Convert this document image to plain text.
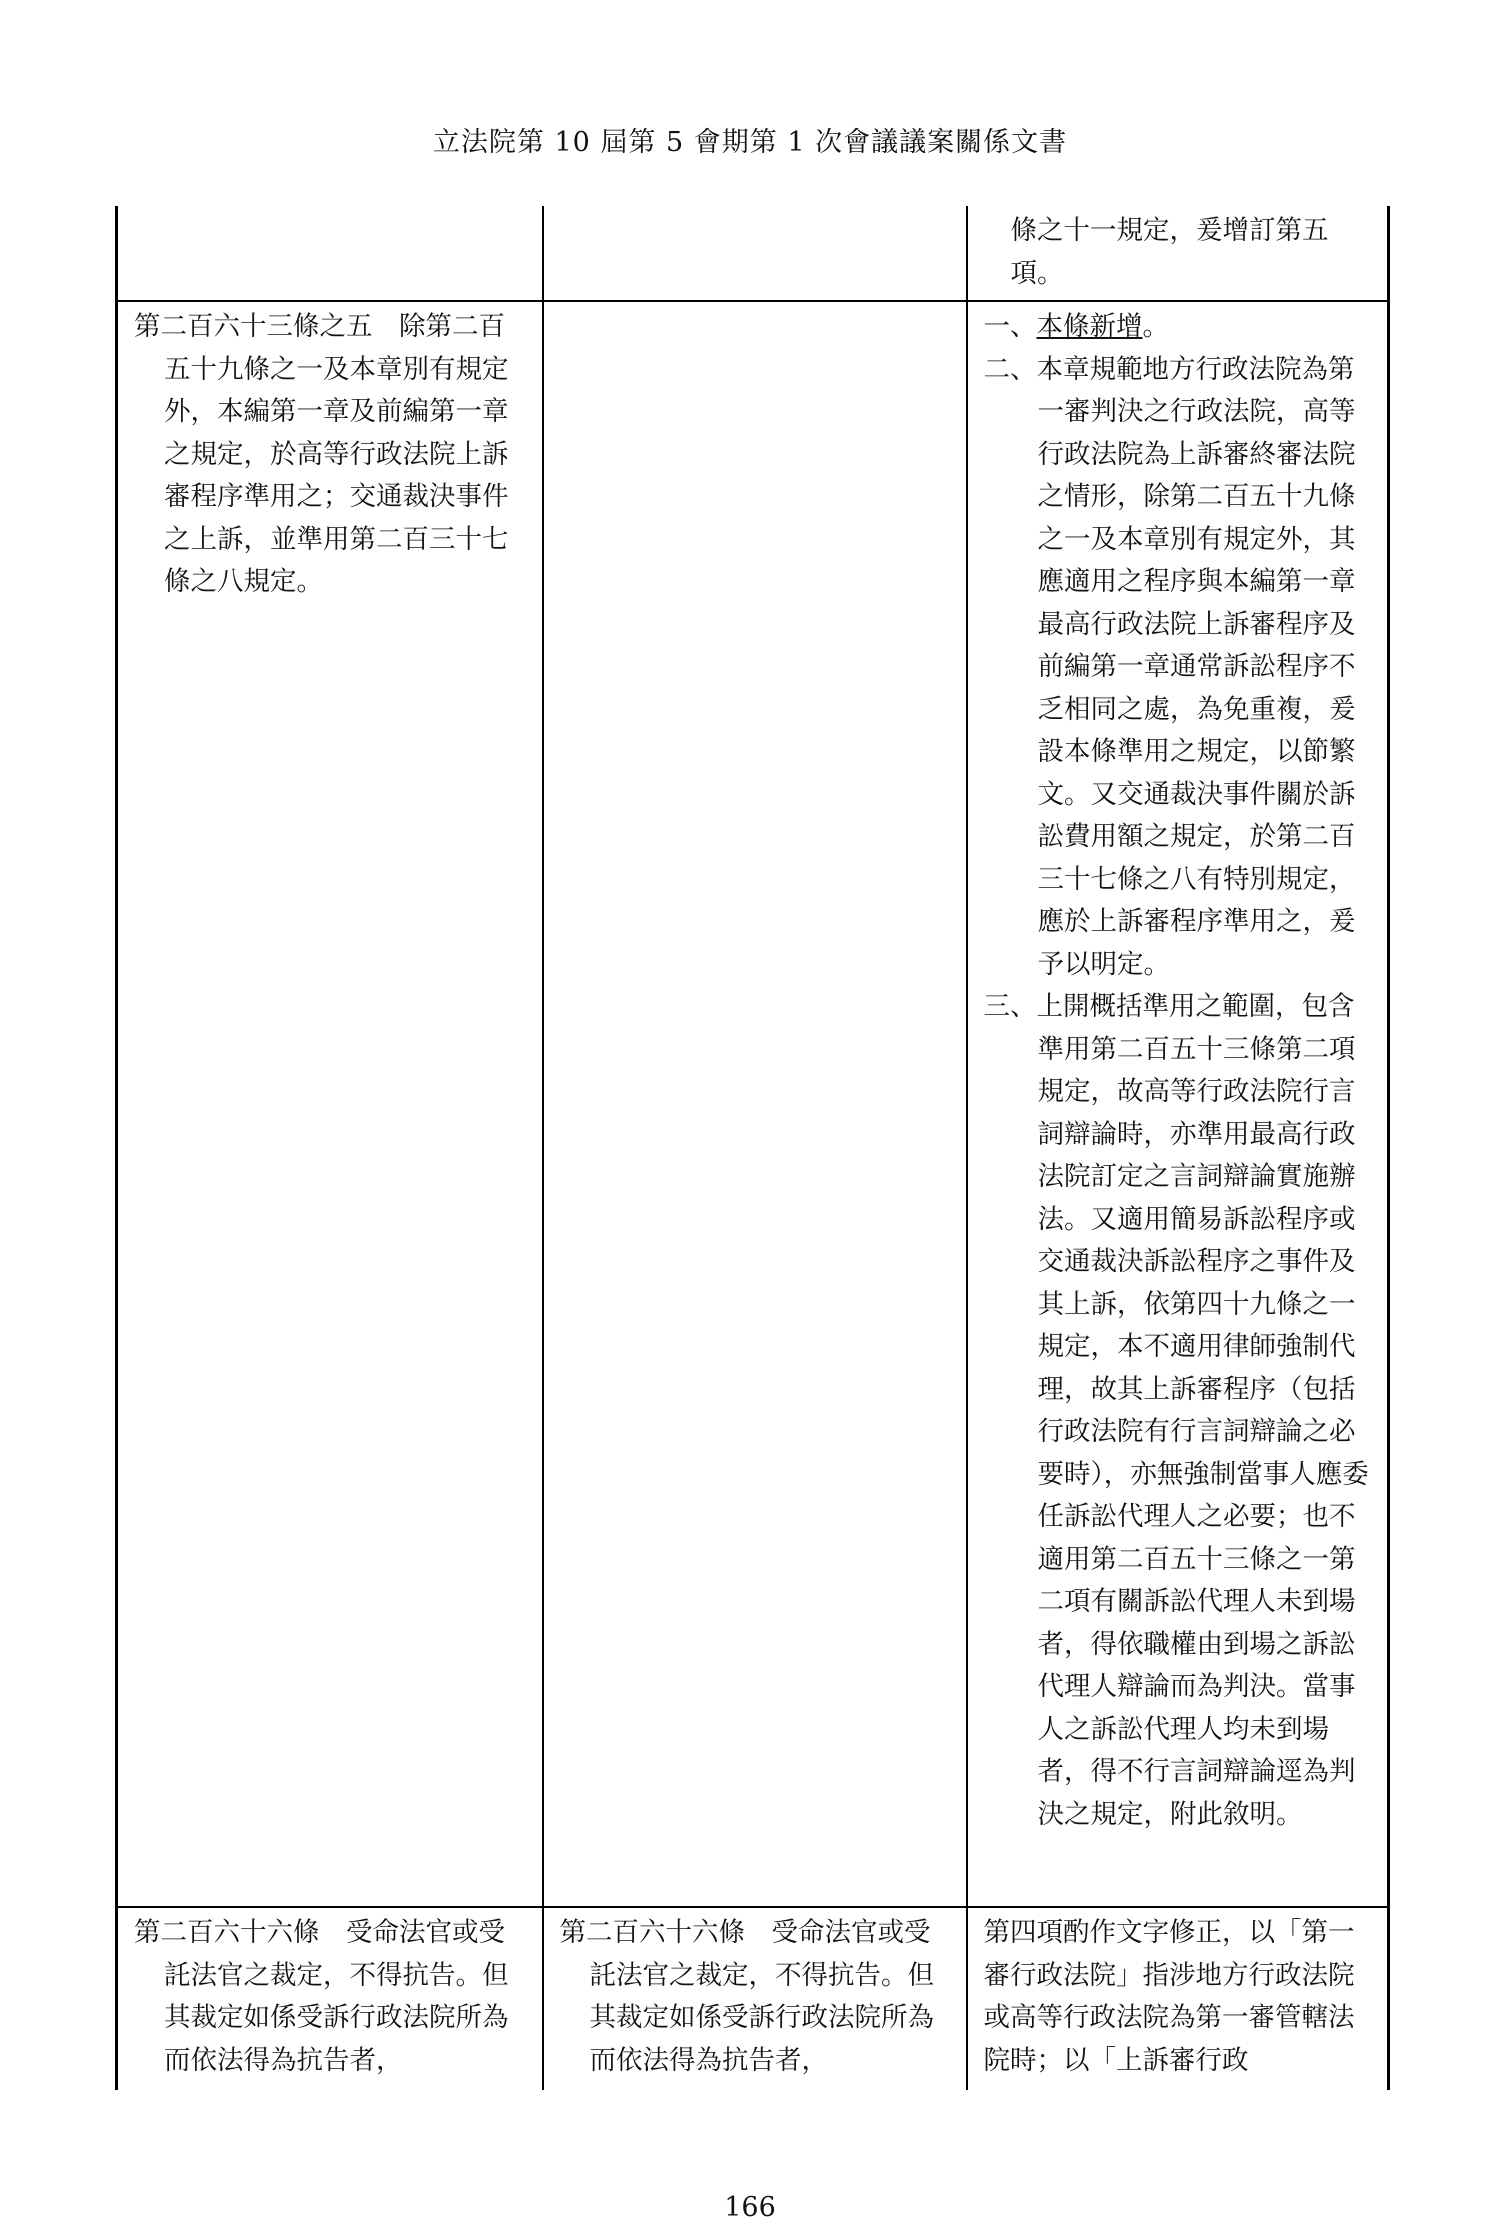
立法院第 10 屆第 5 會期第 1 次會議議案關係文書

		條之十一規定，爰增訂第五項。

第二百六十三條之五　除第二百五十九條之一及本章別有規定外，本編第一章及前編第一章之規定，於高等行政法院上訴審程序準用之；交通裁決事件之上訴，並準用第二百三十七條之八規定。		一、本條新增。
二、本章規範地方行政法院為第一審判決之行政法院，高等行政法院為上訴審終審法院之情形，除第二百五十九條之一及本章別有規定外，其應適用之程序與本編第一章最高行政法院上訴審程序及前編第一章通常訴訟程序不乏相同之處，為免重複，爰設本條準用之規定，以節繁文。又交通裁決事件關於訴訟費用額之規定，於第二百三十七條之八有特別規定，應於上訴審程序準用之，爰予以明定。
三、上開概括準用之範圍，包含準用第二百五十三條第二項規定，故高等行政法院行言詞辯論時，亦準用最高行政法院訂定之言詞辯論實施辦法。又適用簡易訴訟程序或交通裁決訴訟程序之事件及其上訴，依第四十九條之一規定，本不適用律師強制代理，故其上訴審程序（包括行政法院有行言詞辯論之必要時），亦無強制當事人應委任訴訟代理人之必要；也不適用第二百五十三條之一第二項有關訴訟代理人未到場者，得依職權由到場之訴訟代理人辯論而為判決。當事人之訴訟代理人均未到場者，得不行言詞辯論逕為判決之規定，附此敘明。

第二百六十六條　受命法官或受託法官之裁定，不得抗告。但其裁定如係受訴行政法院所為而依法得為抗告者，	第二百六十六條　受命法官或受託法官之裁定，不得抗告。但其裁定如係受訴行政法院所為而依法得為抗告者，	第四項酌作文字修正，以「第一審行政法院」指涉地方行政法院或高等行政法院為第一審管轄法院時；以「上訴審行政
166
